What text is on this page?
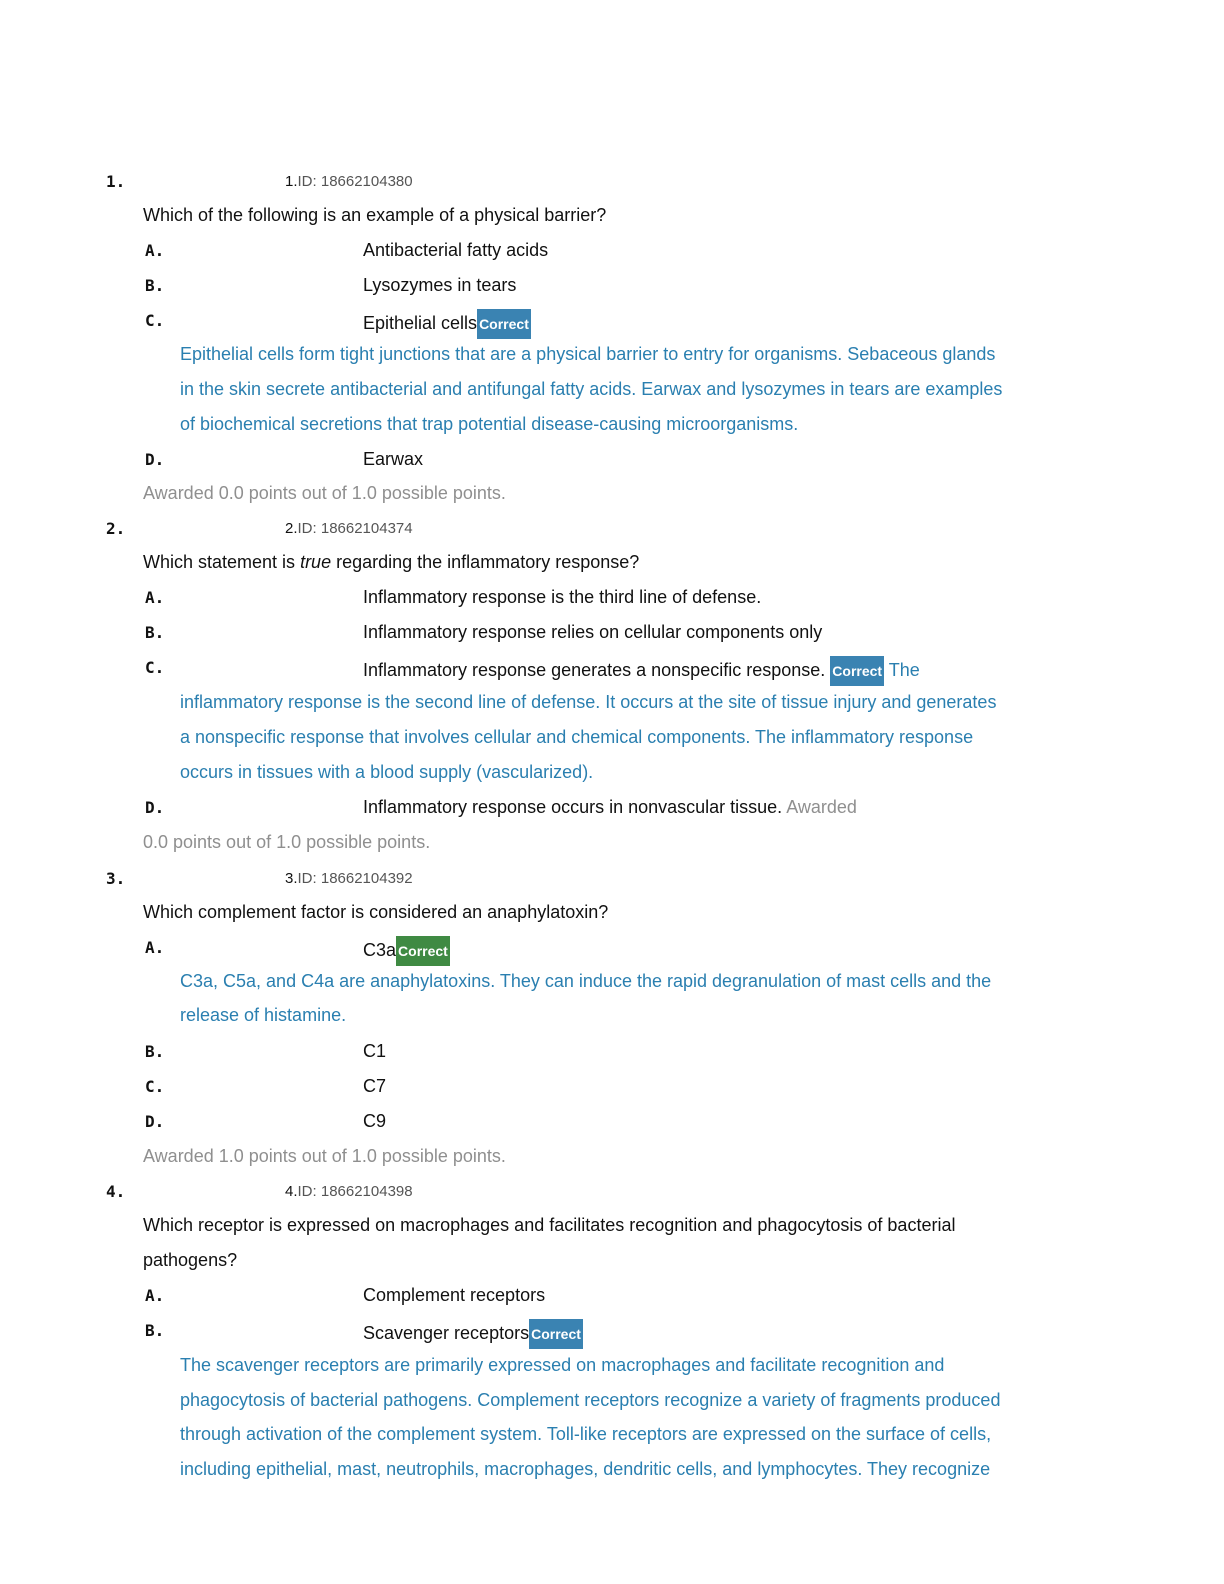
1.	1.ID: 18662104380
Which of the following is an example of a physical barrier?
A.	Antibacterial fatty acids
B.	Lysozymes in tears
C.	Epithelial cells Correct
Epithelial cells form tight junctions that are a physical barrier to entry for organisms. Sebaceous glands
in the skin secrete antibacterial and antifungal fatty acids. Earwax and lysozymes in tears are examples
of biochemical secretions that trap potential disease-causing microorganisms.
D.	Earwax
Awarded 0.0 points out of 1.0 possible points.
2.	2.ID: 18662104374
Which statement is true regarding the inflammatory response?
A.	Inflammatory response is the third line of defense.
B.	Inflammatory response relies on cellular components only
C.	Inflammatory response generates a nonspecific response. Correct The
inflammatory response is the second line of defense. It occurs at the site of tissue injury and generates
a nonspecific response that involves cellular and chemical components. The inflammatory response
occurs in tissues with a blood supply (vascularized).
D.	Inflammatory response occurs in nonvascular tissue. Awarded
0.0 points out of 1.0 possible points.
3.	3.ID: 18662104392
Which complement factor is considered an anaphylatoxin?
A.	C3a Correct
C3a, C5a, and C4a are anaphylatoxins. They can induce the rapid degranulation of mast cells and the
release of histamine.
B.	C1
C.	C7
D.	C9
Awarded 1.0 points out of 1.0 possible points.
4.	4.ID: 18662104398
Which receptor is expressed on macrophages and facilitates recognition and phagocytosis of bacterial
pathogens?
A.	Complement receptors
B.	Scavenger receptors Correct
The scavenger receptors are primarily expressed on macrophages and facilitate recognition and
phagocytosis of bacterial pathogens. Complement receptors recognize a variety of fragments produced
through activation of the complement system. Toll-like receptors are expressed on the surface of cells,
including epithelial, mast, neutrophils, macrophages, dendritic cells, and lymphocytes. They recognize
